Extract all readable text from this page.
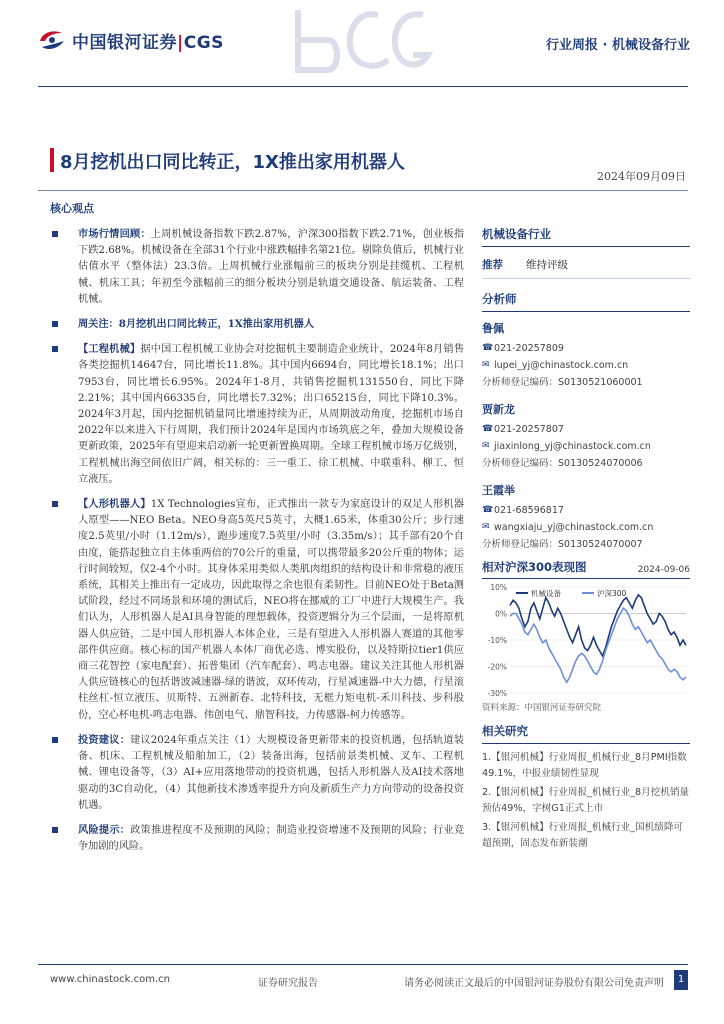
中国银河证券|CGS	行业周报 · 机械设备行业
8月挖机出口同比转正，1X推出家用机器人
2024年09月09日
核心观点
市场行情回顾：上周机械设备指数下跌2.87%，沪深300指数下跌2.71%，创业板指下跌2.68%。机械设备在全部31个行业中涨跌幅排名第21位。剔除负值后，机械行业估值水平（整体法）23.3倍。上周机械行业涨幅前三的板块分别是挂缆机、工程机械、机床工具；年初至今涨幅前三的细分板块分别是轨道交通设备、航运装备、工程机械。
周关注：8月挖机出口同比转正，1X推出家用机器人
【工程机械】据中国工程机械工业协会对挖掘机主要制造企业统计，2024年8月销售各类挖掘机14647台，同比增长11.8%。其中国内6694台，同比增长18.1%；出口7953台，同比增长6.95%。2024年1-8月，共销售挖掘机131550台，同比下降2.21%；其中国内66335台，同比增长7.32%；出口65215台，同比下降10.3%。2024年3月起，国内挖掘机销量同比增速持续为正，从周期波动角度，挖掘机市场自2022年以来进入下行周期，我们预计2024年是国内市场筑底之年，叠加大规模设备更新政策，2025年有望迎来启动新一轮更新置换周期。全球工程机械市场万亿级别，工程机械出海空间依旧广阔，相关标的：三一重工、徐工机械、中联重科、柳工、恒立液压。
【人形机器人】1X Technologies宣布，正式推出一款专为家庭设计的双足人形机器人原型——NEO Beta。NEO身高5英尺5英寸，大概1.65米，体重30公斤；步行速度2.5英里/小时（1.12m/s），跑步速度7.5英里/小时（3.35m/s）；其手部有20个自由度，能搭起独立自主体重两倍的70公斤的重量，可以携带最多20公斤重的物体；运行时间较短，仅2-4个小时。其身体采用类似人类肌肉组织的结构设计和非常稳的液压系统，其相关上推出有一定成功，因此取得之余也很有柔韧性。目前NEO处于Beta测试阶段，经过不同场景和环境的测试后，NEO将在挪威的工厂中进行大规模生产。我们认为，人形机器人是AI具身智能的理想载体，投资逻辑分为三个层面，一是将原机器人供应链，二是中国人形机器人本体企业，三是有望进入人形机器人赛道的其他零部件供应商。核心标的国产机器人本体厂商优必选、博实股份，以及特斯拉tier1供应商三花智控（家电配套）、拓普集团（汽车配套）、鸣志电器。建议关注其他人形机器人供应链核心的包括谐波减速器-绿的谐波，双环传动，行星减速器-中大力德，行星滚柱丝杠-恒立液压、贝斯特、五洲新春、北特科技，无框力矩电机-禾川科技、步科股份，空心杯电机-鸣志电器、伟创电气、鼎智科技，力传感器-柯力传感等。
投资建议：建议2024年重点关注（1）大规模设备更新带来的投资机遇，包括轨道装备、机床、工程机械及船舶加工，（2）装备出海，包括前景类机械、叉车、工程机械、锂电设备等，（3）AI+应用落地带动的投资机遇，包括人形机器人及AI技术落地驱动的3C自动化，（4）其他新技术渗透率提升方向及新质生产力方向带动的设备投资机遇。
风险提示：政策推进程度不及预期的风险；制造业投资增速不及预期的风险；行业竞争加剧的风险。
机械设备行业
推荐	维持评级
分析师
鲁佩
☎ 021-20257809
✉ lupei_yj@chinastock.com.cn
分析师登记编码：S0130521060001
贾新龙
☎ 021-20257807
✉ jiaxinlong_yj@chinastock.com.cn
分析师登记编码：S0130524070006
王霞举
☎ 021-68596817
✉ wangxiaju_yj@chinastock.com.cn
分析师登记编码：S0130524070007
相对沪深300表现图	2024-09-06
10%
0%
-10%
-20%
-30%
机械设备	沪深300
资料来源：中国银河证券研究院
相关研究
1.【银河机械】行业周报_机械行业_8月PMI指数49.1%，中报业绩韧性显现
2.【银河机械】行业周报_机械行业_8月挖机销量预估49%，字树G1正式上市
3.【银河机械】行业周报_机械行业_国机绩降可超预期，固态发布新装潮
www.chinastock.com.cn	证券研究报告	请务必阅读正文最后的中国银河证券股份有限公司免责声明	1
